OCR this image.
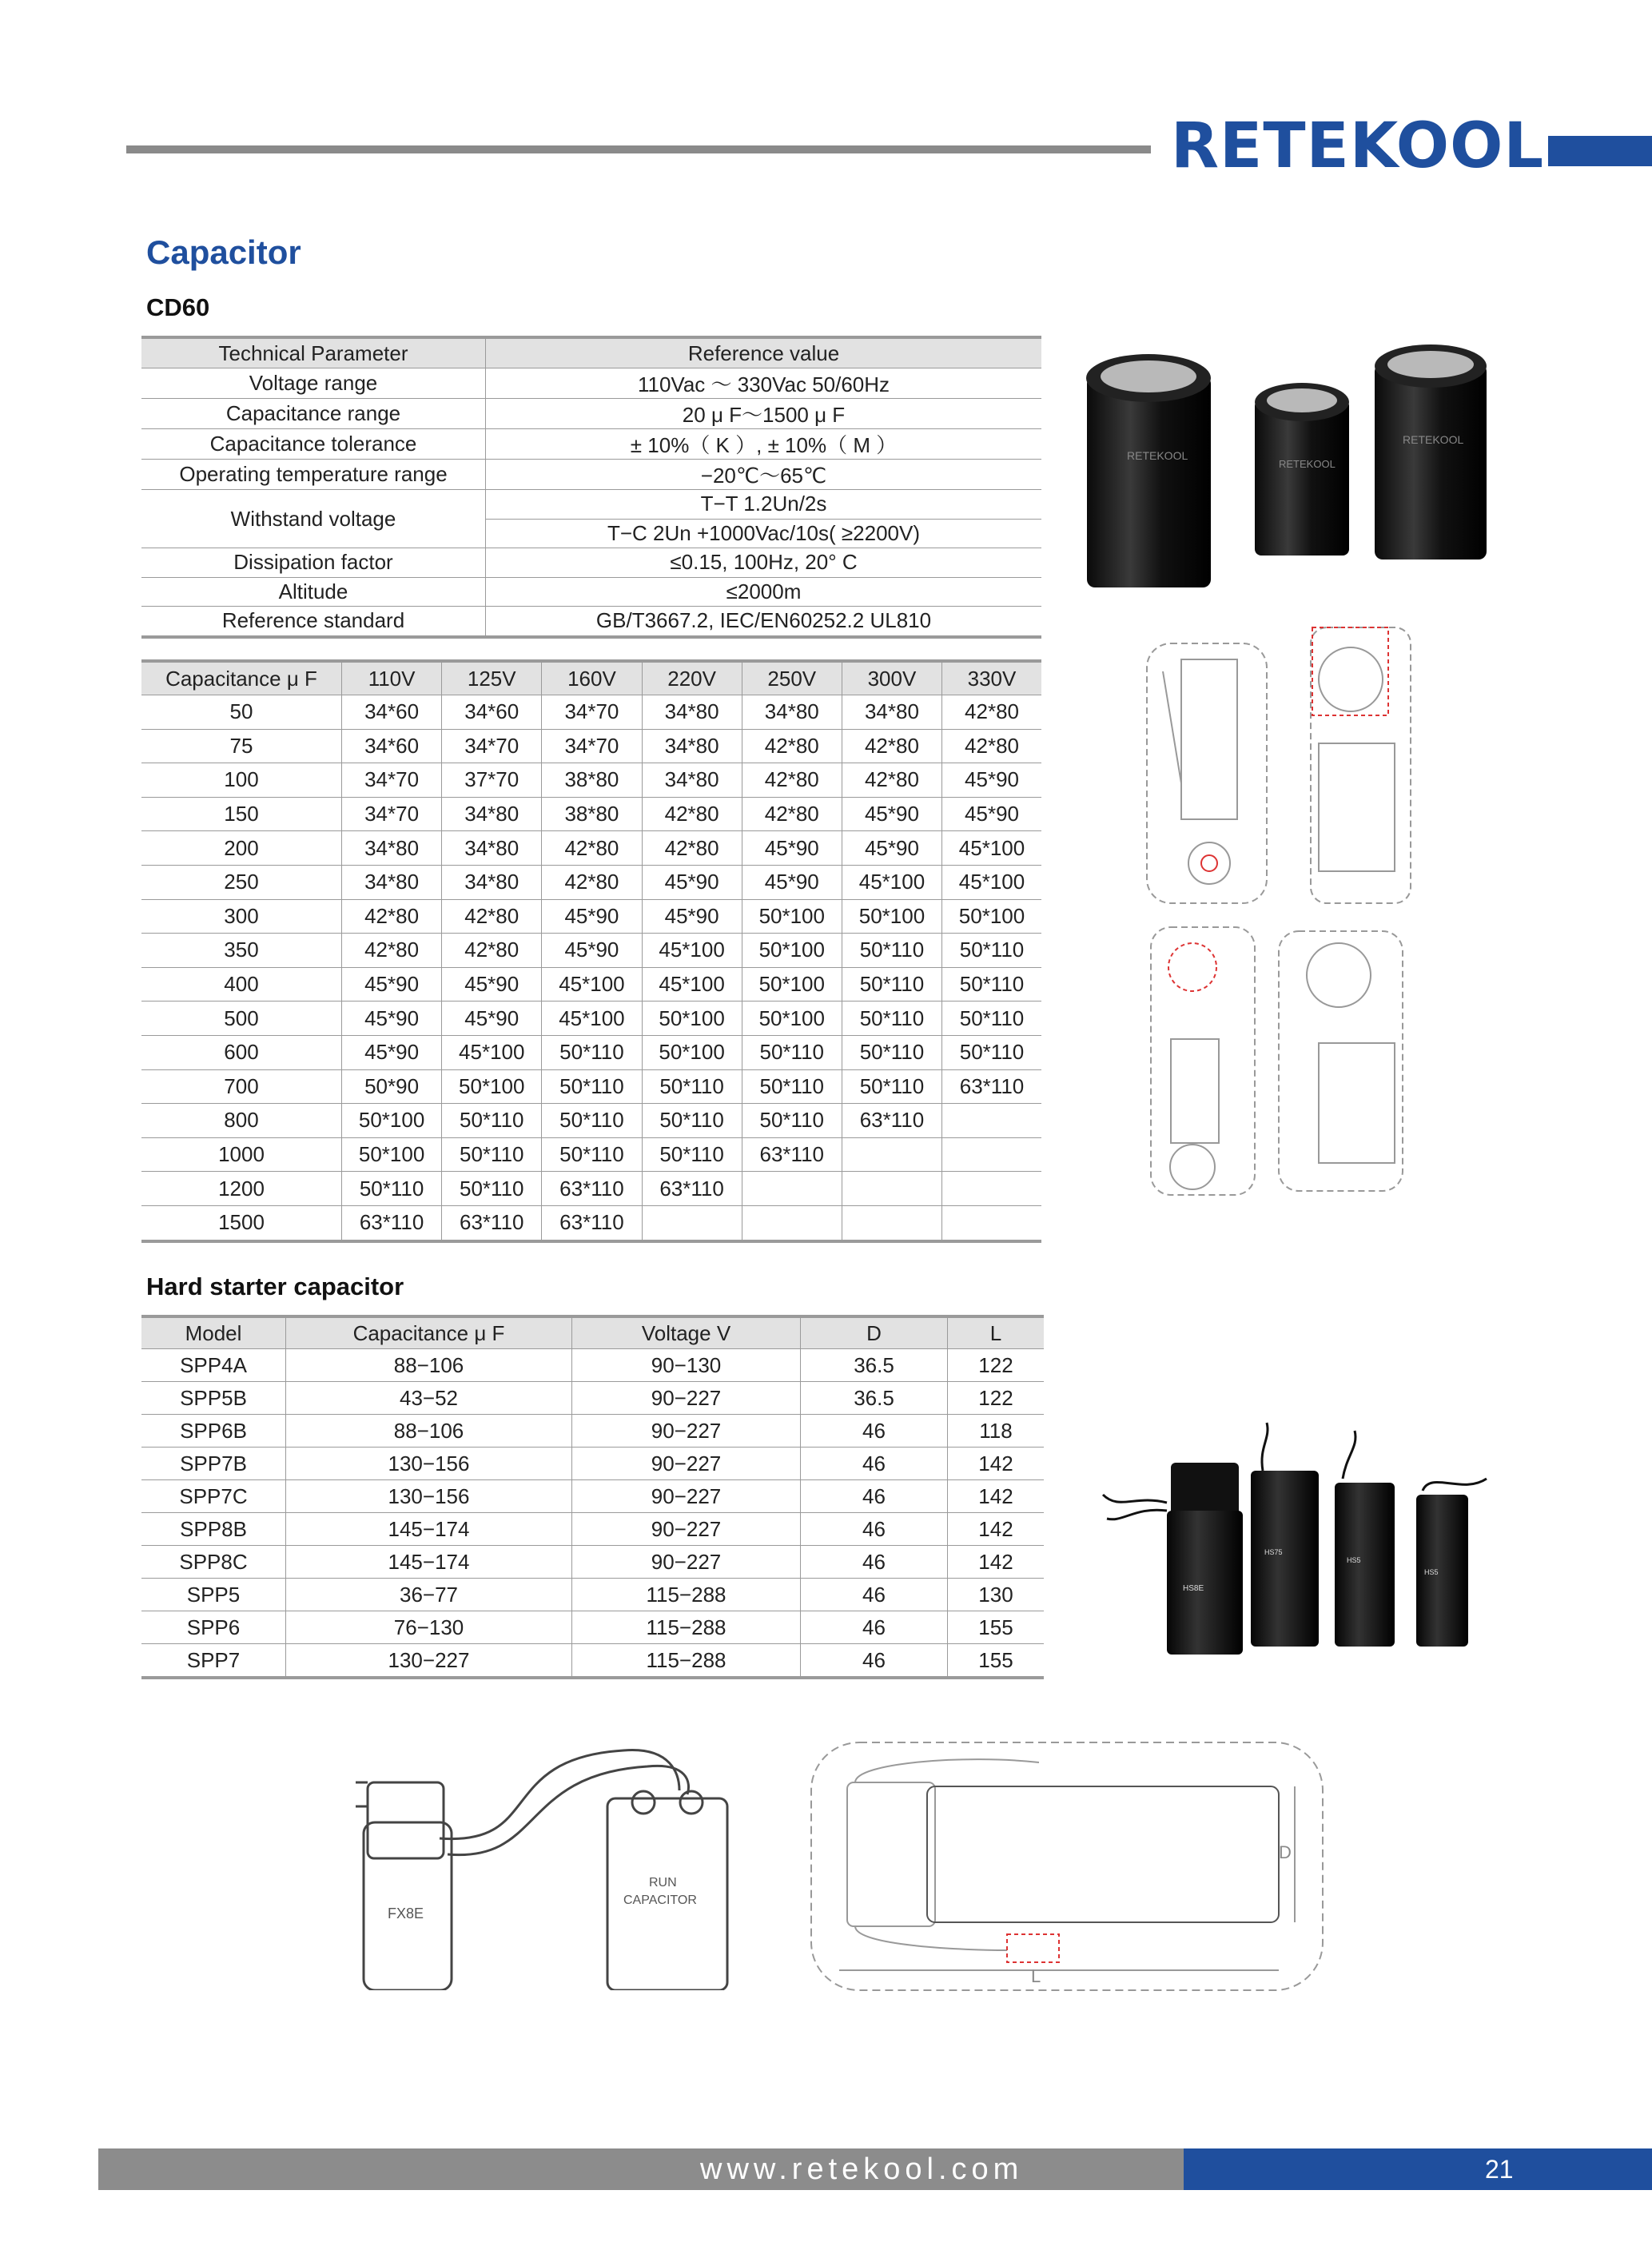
RETEKOOL
Capacitor
CD60
Technical Parameter	Reference value
Voltage range	110Vac ～ 330Vac 50/60Hz
Capacitance range	20 μ F～1500 μ F
Capacitance tolerance	± 10%（ K ）, ± 10%（ M ）
Operating temperature range	−20℃～65℃
Withstand voltage	T−T 1.2Un/2s
	T−C 2Un +1000Vac/10s( ≥2200V)
Dissipation factor	≤0.15, 100Hz, 20° C
Altitude	≤2000m
Reference standard	GB/T3667.2, IEC/EN60252.2 UL810
Capacitance μ F	110V	125V	160V	220V	250V	300V	330V
50	34*60	34*60	34*70	34*80	34*80	34*80	42*80
75	34*60	34*70	34*70	34*80	42*80	42*80	42*80
100	34*70	37*70	38*80	34*80	42*80	42*80	45*90
150	34*70	34*80	38*80	42*80	42*80	45*90	45*90
200	34*80	34*80	42*80	42*80	45*90	45*90	45*100
250	34*80	34*80	42*80	45*90	45*90	45*100	45*100
300	42*80	42*80	45*90	45*90	50*100	50*100	50*100
350	42*80	42*80	45*90	45*100	50*100	50*110	50*110
400	45*90	45*90	45*100	45*100	50*100	50*110	50*110
500	45*90	45*90	45*100	50*100	50*100	50*110	50*110
600	45*90	45*100	50*110	50*100	50*110	50*110	50*110
700	50*90	50*100	50*110	50*110	50*110	50*110	63*110
800	50*100	50*110	50*110	50*110	50*110	63*110	
1000	50*100	50*110	50*110	50*110	63*110		
1200	50*110	50*110	63*110	63*110			
1500	63*110	63*110	63*110				
RETEKOOL
RETEKOOL
RETEKOOL
Hard starter capacitor
Model	Capacitance μ F	Voltage V	D	L
SPP4A	88−106	90−130	36.5	122
SPP5B	43−52	90−227	36.5	122
SPP6B	88−106	90−227	46	118
SPP7B	130−156	90−227	46	142
SPP7C	130−156	90−227	46	142
SPP8B	145−174	90−227	46	142
SPP8C	145−174	90−227	46	142
SPP5	36−77	115−288	46	130
SPP6	76−130	115−288	46	155
SPP7	130−227	115−288	46	155
HS8E
HS75
HS5
HS5
FX8E
RUN
CAPACITOR
D
L
www.retekool.com	21
